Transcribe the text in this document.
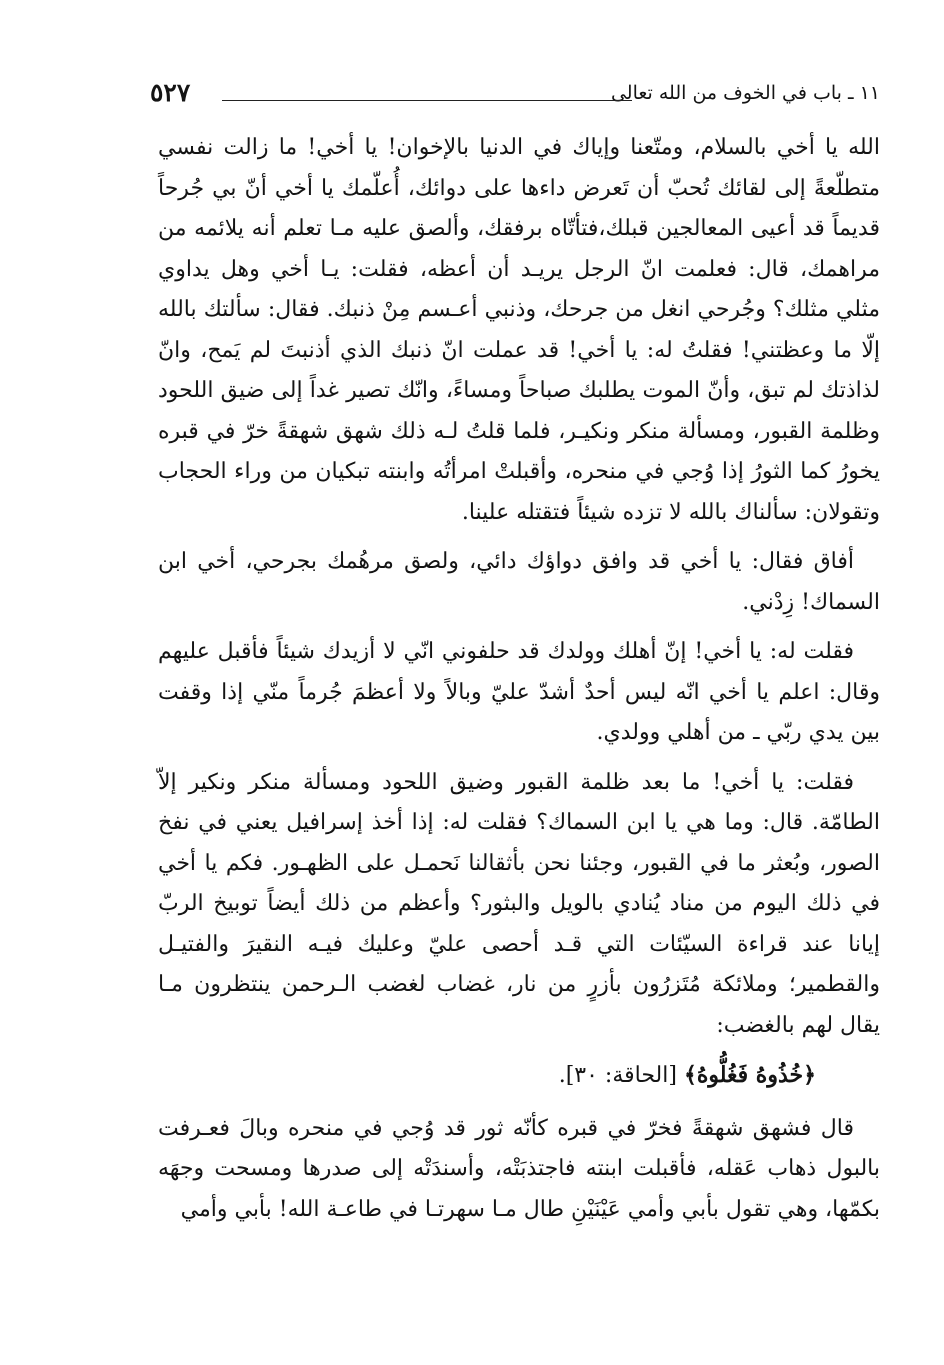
١١ ـ باب في الخوف من الله تعالى
٥٢٧

الله يا أخي بالسلام، ومتّعنا وإياك في الدنيا بالإخوان! يا أخي! ما زالت نفسي متطلّعةً إلى لقائك تُحبّ أن تَعرض داءها على دوائك، أُعلّمك يا أخي أنّ بي جُرحاً قديماً قد أعيى المعالجين قبلك،فتأتّاه برفقك، وألصق عليه مـا تعلم أنه يلائمه من مراهمك، قال: فعلمت انّ الرجل يريـد أن أعظه، فقلت: يـا أخي وهل يداوي مثلي مثلك؟ وجُرحي انغل من جرحك، وذنبي أعـسم مِنْ ذنبك. فقال: سألتك بالله إلّا ما وعظتني! فقلتُ له: يا أخي! قد عملت انّ ذنبك الذي أذنبتَ لم يَمح، وانّ لذاذتك لم تبق، وأنّ الموت يطلبك صباحاً ومساءً، وانّك تصير غداً إلى ضيق اللحود وظلمة القبور، ومسألة منكر ونكيـر، فلما قلتُ لـه ذلك شهق شهقةً خرّ في قبره يخورُ كما الثورُ إذا وُجي في منحره، وأقبلتْ امرأتُه وابنته تبكيان من وراء الحجاب وتقولان: سألناك بالله لا تزده شيئاً فتقتله علينا.

أفاق فقال: يا أخي قد وافق دواؤك دائي، ولصق مرهُمك بجرحي، أخي ابن السماك! زِدْني.

فقلت له: يا أخي! إنّ أهلك وولدك قد حلفوني انّي لا أزيدك شيئاً فأقبل عليهم وقال: اعلم يا أخي انّه ليس أحدٌ أشدّ عليّ وبالاً ولا أعظمَ جُرماً منّي إذا وقفت بين يدي ربّي ـ من أهلي وولدي.

فقلت: يا أخي! ما بعد ظلمة القبور وضيق اللحود ومسألة منكر ونكير إلاّ الطامّة. قال: وما هي يا ابن السماك؟ فقلت له: إذا أخذ إسرافيل يعني في نفخ الصور، وبُعثر ما في القبور، وجئنا نحن بأثقالنا نَحمـل على الظهـور. فكم يا أخي في ذلك اليوم من مناد يُنادي بالويل والبثور؟ وأعظم من ذلك أيضاً توبيخ الربّ إيانا عند قراءة السيّئات التي قـد أحصى عليّ وعليك فيـه النقيرَ والفتيـل والقطمير؛ وملائكة مُتَزرُون بأزرٍ من نار، غضاب لغضب الـرحمن ينتظرون مـا يقال لهم بالغضب:

﴿خُذُوهُ فَغُلُّوهُ﴾ [الحاقة: ٣٠].

قال فشهق شهقةً فخرّ في قبره كأنّه ثور قد وُجي في منحره وبالَ فعـرفت بالبول ذهاب عَقله، فأقبلت ابنته فاجتذبَتْه، وأسندَتْه إلى صدرها ومسحت وجهَه بكمّها، وهي تقول بأبي وأمي عَيْنَيْنِ طال مـا سهرتـا في طاعـة الله! بأبي وأمي
